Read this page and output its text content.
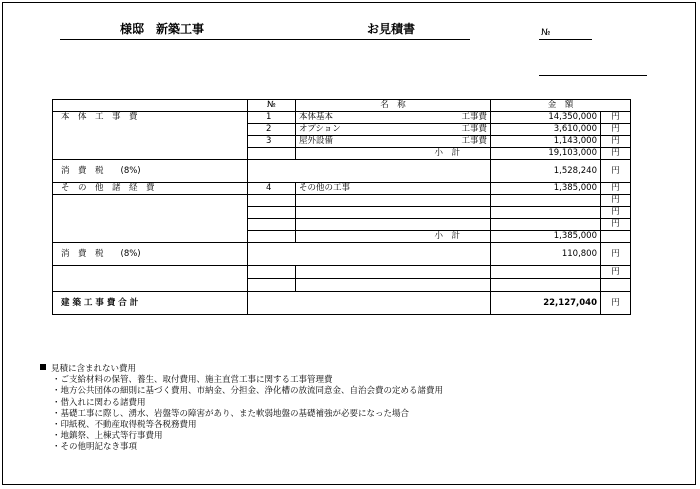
様邸　新築工事	お見積書	№
	№	名　称	金　額	
本　体　工　事　費	1	本体基本 工事費	14,350,000	円
	2	オプション 工事費	3,610,000	円
	3	屋外設備 工事費	1,143,000	円
		小　計	19,103,000	円
消　費　税　　(8%)			1,528,240	円
そ　の　他　諸　経　費	4	その他の工事	1,385,000	円
				円
				円
				円
		小　計	1,385,000	
消　費　税　　(8%)			110,800	円
				円

建 築 工 事 費 合 計			22,127,040	円
見積に含まれない費用
・ご支給材料の保管、養生、取付費用、施主直営工事に関する工事管理費
・地方公共団体の細則に基づく費用、市納金、分担金、浄化槽の放流同意金、自治会費の定める諸費用
・借入れに関わる諸費用
・基礎工事に際し、湧水、岩盤等の障害があり、また軟弱地盤の基礎補強が必要になった場合
・印紙税、不動産取得税等各税務費用
・地鎮祭、上棟式等行事費用
・その他明記なき事項
